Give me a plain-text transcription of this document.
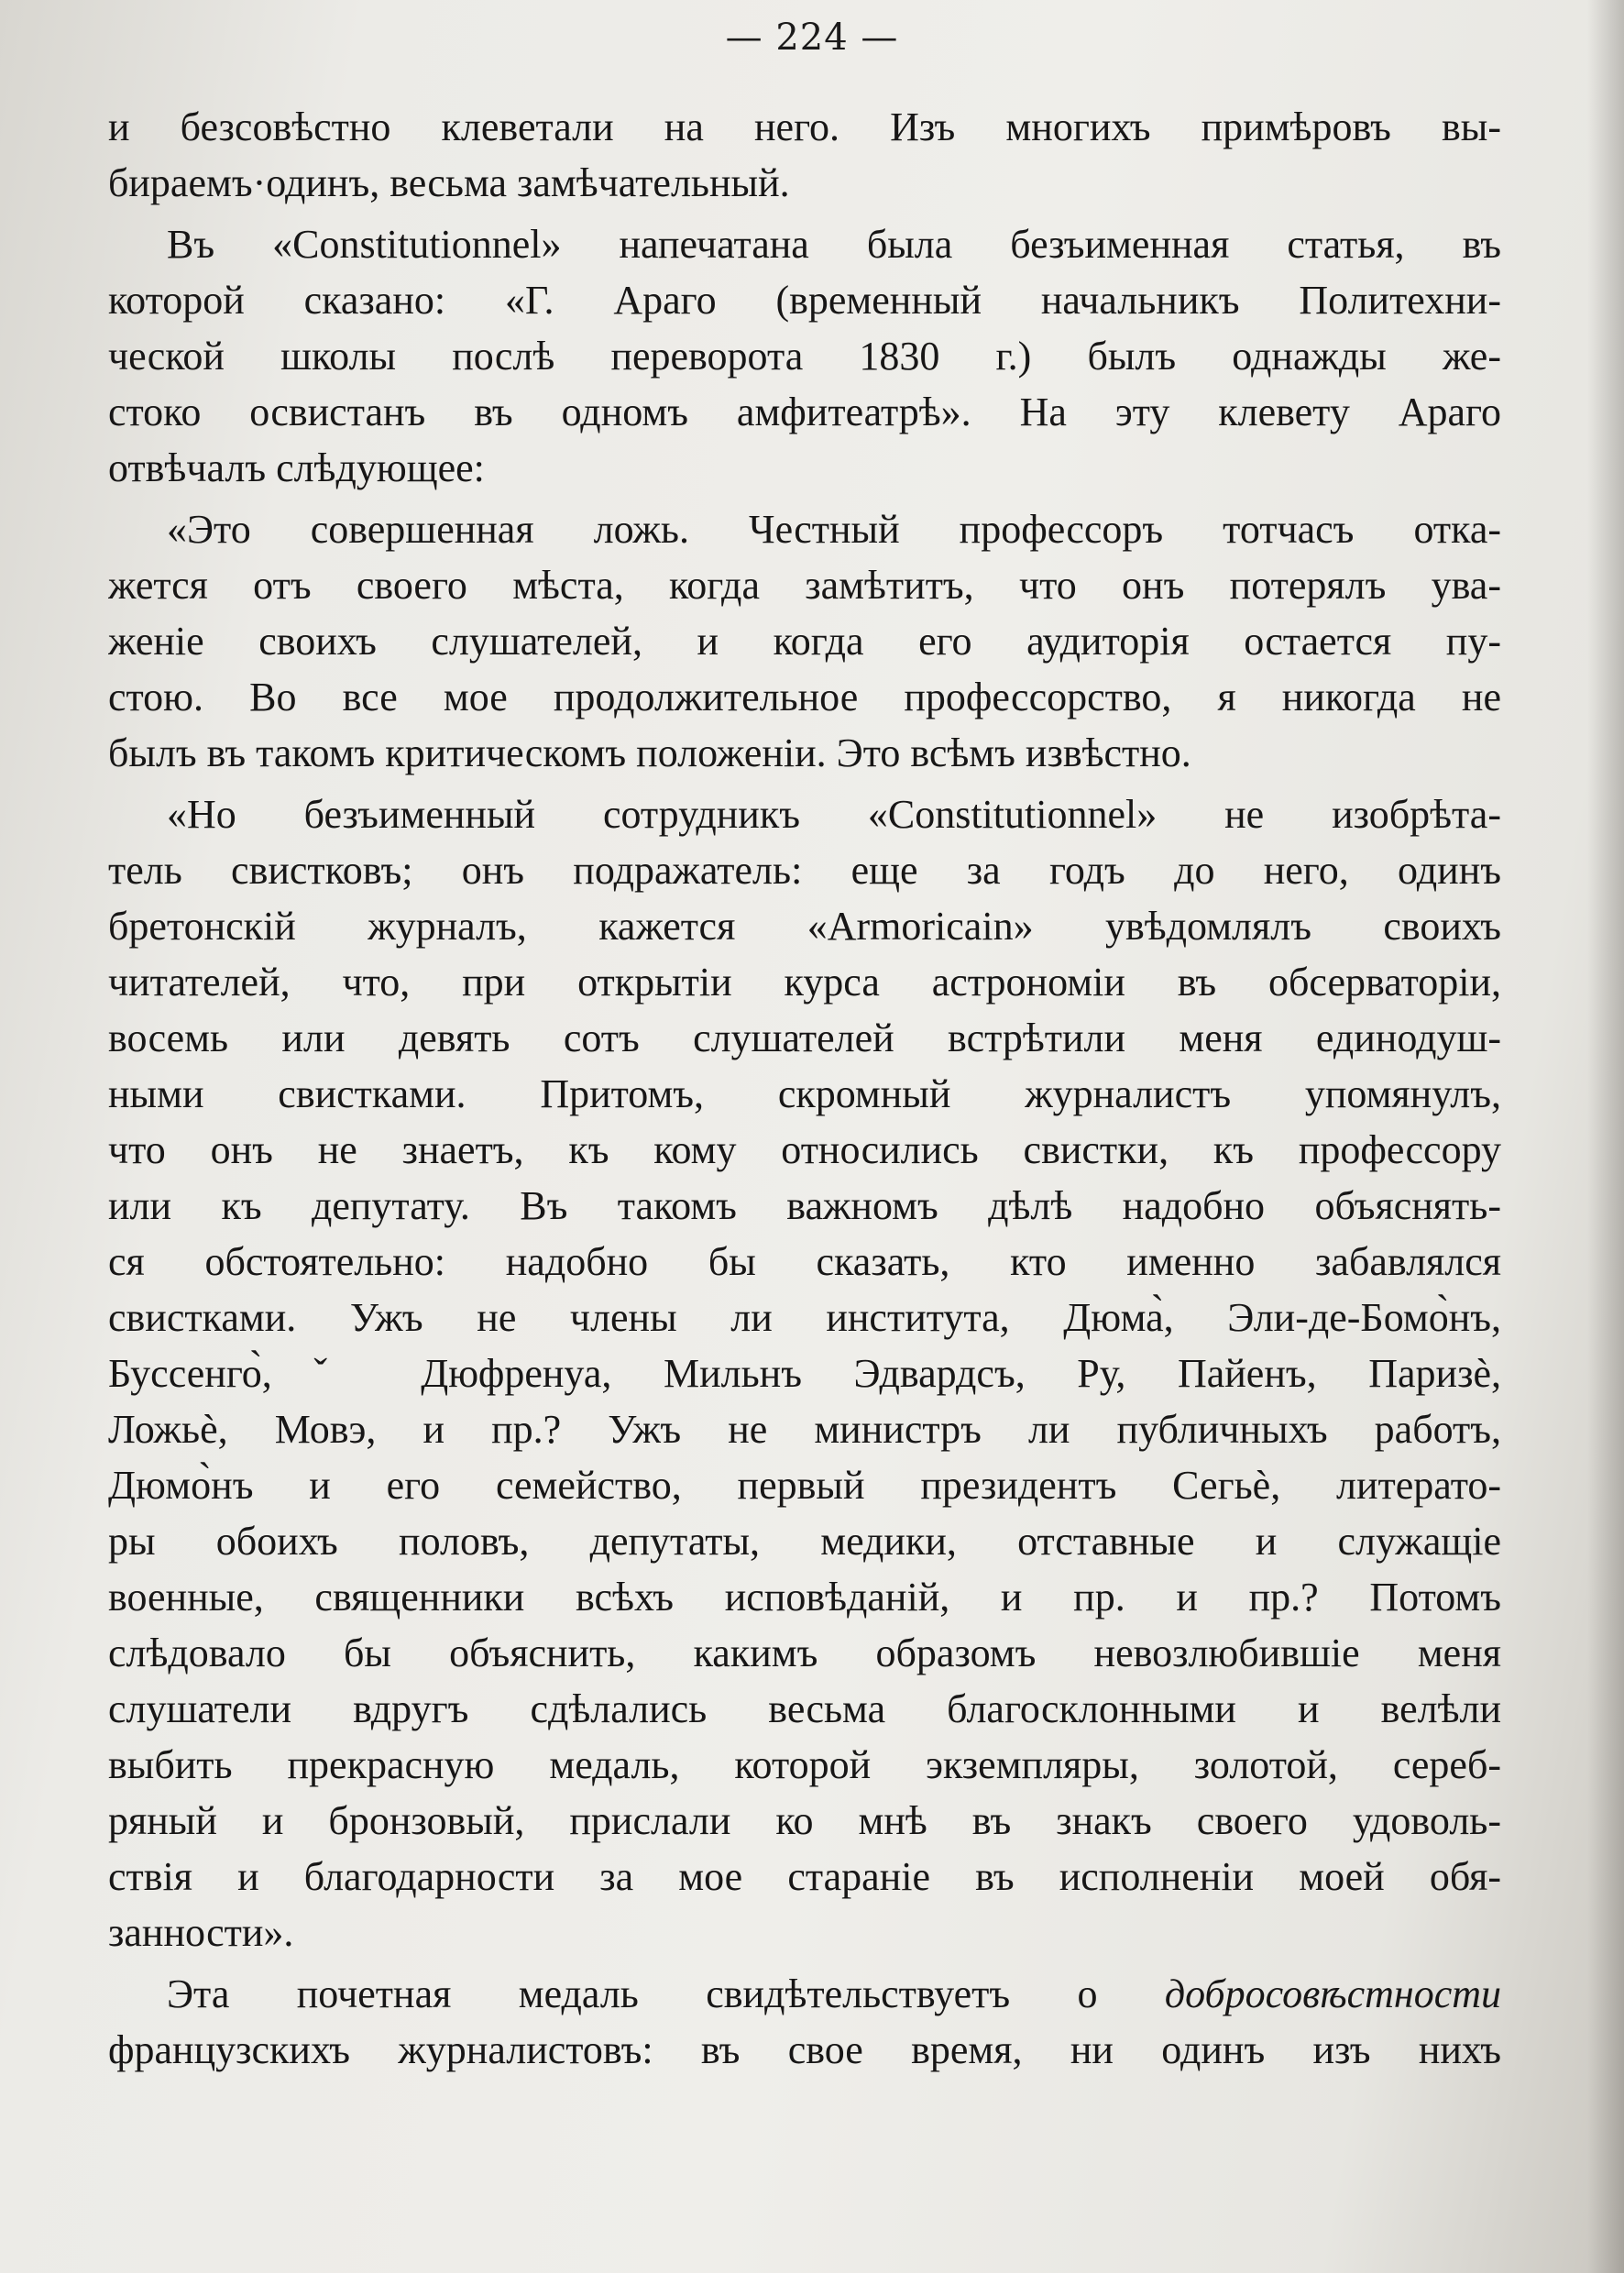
— 224 —
и безсовѣстно клеветали на него. Изъ многихъ примѣровъ вы-
бираемъ·одинъ, весьма замѣчательный.
Въ «Constitutionnel» напечатана была безъименная статья, въ
которой сказано: «Г. Араго (временный начальникъ Политехни-
ческой школы послѣ переворота 1830 г.) былъ однажды же-
стоко освистанъ въ одномъ амфитеатрѣ». На эту клевету Араго
отвѣчалъ слѣдующее:
«Это совершенная ложь. Честный профессоръ тотчасъ отка-
жется отъ своего мѣста, когда замѣтитъ, что онъ потерялъ ува-
женіе своихъ слушателей, и когда его аудиторія остается пу-
стою. Во все мое продолжительное профессорство, я никогда не
былъ въ такомъ критическомъ положеніи. Это всѣмъ извѣстно.
«Но безъименный сотрудникъ «Constitutionnel» не изобрѣта-
тель свистковъ; онъ подражатель: еще за годъ до него, одинъ
бретонскій журналъ, кажется «Armoricain» увѣдомлялъ своихъ
читателей, что, при открытіи курса астрономіи въ обсерваторіи,
восемь или девять сотъ слушателей встрѣтили меня единодуш-
ными свистками. Притомъ, скромный журналистъ упомянулъ,
что онъ не знаетъ, къ кому относились свистки, къ профессору
или къ депутату. Въ такомъ важномъ дѣлѣ надобно объяснять-
ся обстоятельно: надобно бы сказать, кто именно забавлялся
свистками. Ужъ не члены ли института, Дюма̀, Эли-де-Бомо̀нъ,
Буссенго̀,ˇ Дюфренуа, Мильнъ Эдвардсъ, Ру, Пайенъ, Паризѐ,
Ложьѐ, Мовэ, и пр.? Ужъ не министръ ли публичныхъ работъ,
Дюмо̀нъ и его семейство, первый президентъ Сегьѐ, литерато-
ры обоихъ половъ, депутаты, медики, отставные и служащіе
военные, священники всѣхъ исповѣданій, и пр. и пр.? Потомъ
слѣдовало бы объяснить, какимъ образомъ невозлюбившіе меня
слушатели вдругъ сдѣлались весьма благосклонными и велѣли
выбить прекрасную медаль, которой экземпляры, золотой, сереб-
ряный и бронзовый, прислали ко мнѣ въ знакъ своего удоволь-
ствія и благодарности за мое стараніе въ исполненіи моей обя-
занности».
Эта почетная медаль свидѣтельствуетъ о добросовѣстности
французскихъ журналистовъ: въ свое время, ни одинъ изъ нихъ
